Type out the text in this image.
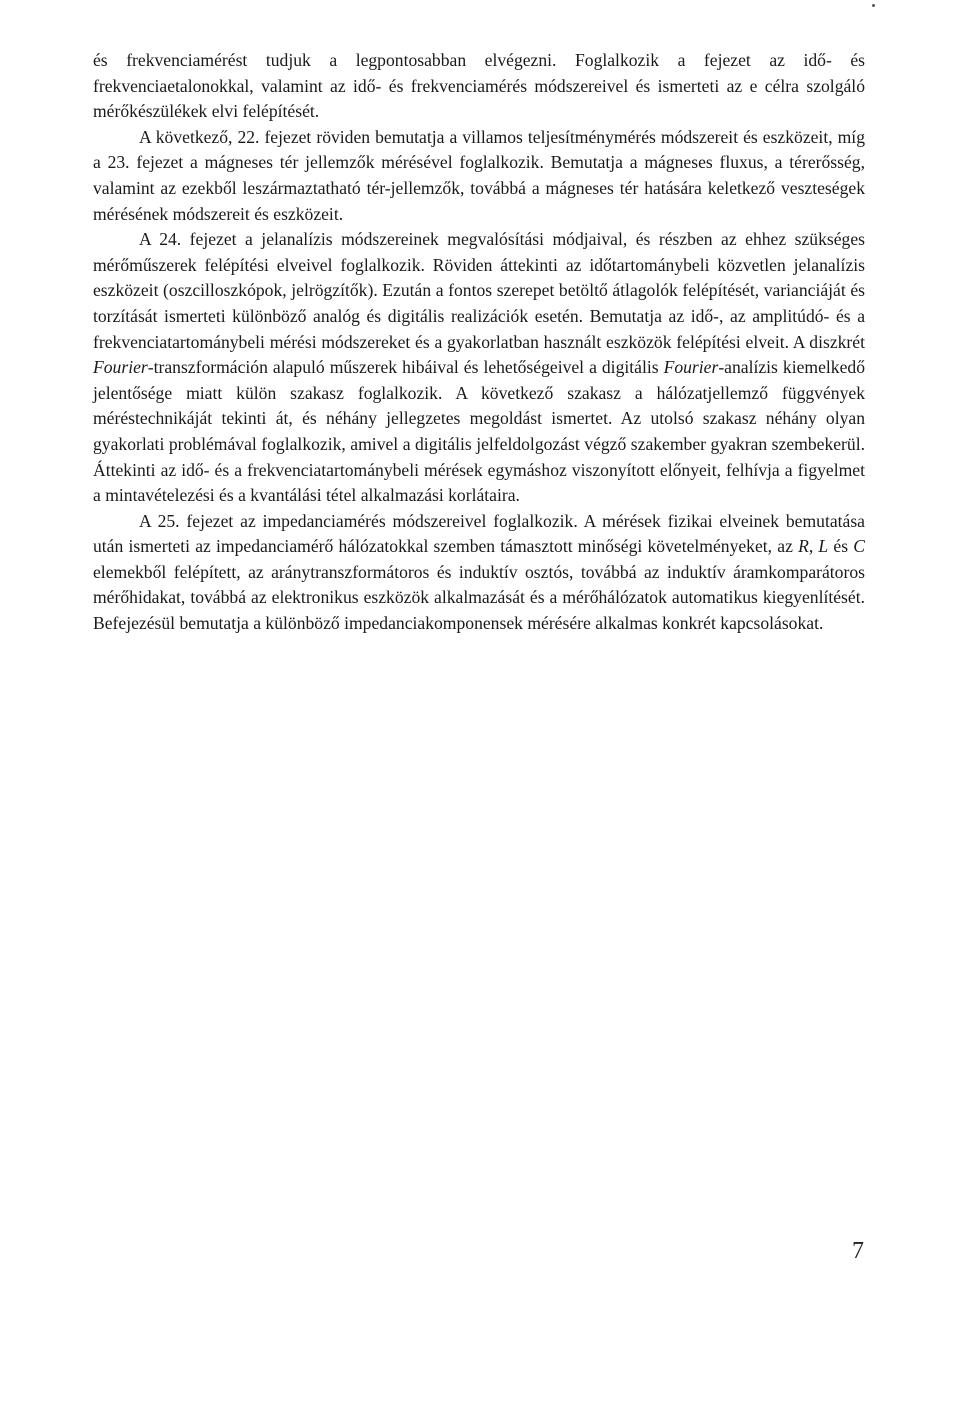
és frekvenciamérést tudjuk a legpontosabban elvégezni. Foglalkozik a fejezet az idő- és frekvenciaetalonokkal, valamint az idő- és frekvenciamérés módszereivel és ismerteti az e célra szolgáló mérőkészülékek elvi felépítését.

A következő, 22. fejezet röviden bemutatja a villamos teljesítménymérés módszereit és eszközeit, míg a 23. fejezet a mágneses tér jellemzők mérésével foglalkozik. Bemutatja a mágneses fluxus, a térerősség, valamint az ezekből leszármaztatható tér-jellemzők, továbbá a mágneses tér hatására keletkező veszteségek mérésének módszereit és eszközeit.

A 24. fejezet a jelanalízis módszereinek megvalósítási módjaival, és részben az ehhez szükséges mérőműszerek felépítési elveivel foglalkozik. Röviden áttekinti az időtartománybeli közvetlen jelanalízis eszközeit (oszcilloszkópok, jelrögzítők). Ezután a fontos szerepet betöltő átlagolók felépítését, varianciáját és torzítását ismerteti különböző analóg és digitális realizációk esetén. Bemutatja az idő-, az amplitúdó- és a frekvenciatartománybeli mérési módszereket és a gyakorlatban használt eszközök felépítési elveit. A diszkrét Fourier-transzformáción alapuló műszerek hibáival és lehetőségeivel a digitális Fourier-analízis kiemelkedő jelentősége miatt külön szakasz foglalkozik. A következő szakasz a hálózatjellemző függvények méréstechnikáját tekinti át, és néhány jellegzetes megoldást ismertet. Az utolsó szakasz néhány olyan gyakorlati problémával foglalkozik, amivel a digitális jelfeldolgozást végző szakember gyakran szembekerül. Áttekinti az idő- és a frekvenciatartománybeli mérések egymáshoz viszonyított előnyeit, felhívja a figyelmet a mintavételezési és a kvantálási tétel alkalmazási korlátaira.

A 25. fejezet az impedanciamérés módszereivel foglalkozik. A mérések fizikai elveinek bemutatása után ismerteti az impedanciamérő hálózatokkal szemben támasztott minőségi követelményeket, az R, L és C elemekből felépített, az aránytranszformátoros és induktív osztós, továbbá az induktív áramkomparátoros mérőhidakat, továbbá az elektronikus eszközök alkalmazását és a mérőhálózatok automatikus kiegyenlítését. Befejezésül bemutatja a különböző impedanciakomponensek mérésére alkalmas konkrét kapcsolásokat.

7
